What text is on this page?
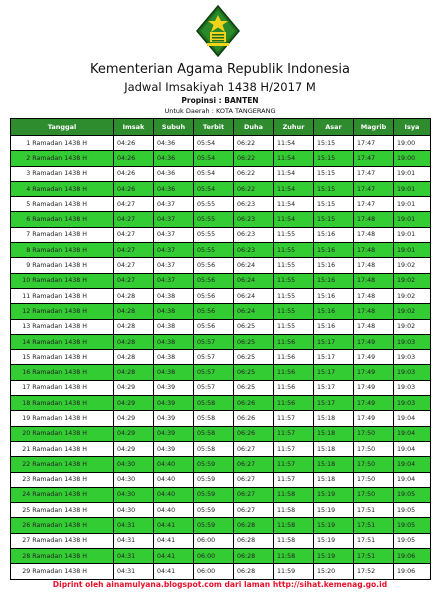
Kementerian Agama Republik Indonesia
Jadwal Imsakiyah 1438 H/2017 M
Propinsi : BANTEN
Untuk Daerah : KOTA TANGERANG
Tanggal	Imsak	Subuh	Terbit	Duha	Zuhur	Asar	Magrib	Isya
1 Ramadan 1438 H	04:26	04:36	05:54	06:22	11:54	15:15	17:47	19:00
2 Ramadan 1438 H	04:26	04:36	05:54	06:22	11:54	15:15	17:47	19:00
3 Ramadan 1438 H	04:26	04:36	05:54	06:22	11:54	15:15	17:47	19:01
4 Ramadan 1438 H	04:26	04:36	05:54	06:22	11:54	15:15	17:47	19:01
5 Ramadan 1438 H	04:27	04:37	05:55	06:23	11:54	15:15	17:47	19:01
6 Ramadan 1438 H	04:27	04:37	05:55	06:23	11:54	15:15	17:48	19:01
7 Ramadan 1438 H	04:27	04:37	05:55	06:23	11:55	15:16	17:48	19:01
8 Ramadan 1438 H	04:27	04:37	05:55	06:23	11:55	15:16	17:48	19:01
9 Ramadan 1438 H	04:27	04:37	05:56	06:24	11:55	15:16	17:48	19:02
10 Ramadan 1438 H	04:27	04:37	05:56	06:24	11:55	15:16	17:48	19:02
11 Ramadan 1438 H	04:28	04:38	05:56	06:24	11:55	15:16	17:48	19:02
12 Ramadan 1438 H	04:28	04:38	05:56	06:24	11:55	15:16	17:48	19:02
13 Ramadan 1438 H	04:28	04:38	05:56	06:25	11:55	15:16	17:48	19:02
14 Ramadan 1438 H	04:28	04:38	05:57	06:25	11:56	15:17	17:49	19:03
15 Ramadan 1438 H	04:28	04:38	05:57	06:25	11:56	15:17	17:49	19:03
16 Ramadan 1438 H	04:28	04:38	05:57	06:25	11:56	15:17	17:49	19:03
17 Ramadan 1438 H	04:29	04:39	05:57	06:25	11:56	15:17	17:49	19:03
18 Ramadan 1438 H	04:29	04:39	05:58	06:26	11:56	15:17	17:49	19:03
19 Ramadan 1438 H	04:29	04:39	05:58	06:26	11:57	15:18	17:49	19:04
20 Ramadan 1438 H	04:29	04:39	05:58	06:26	11:57	15:18	17:50	19:04
21 Ramadan 1438 H	04:29	04:39	05:58	06:27	11:57	15:18	17:50	19:04
22 Ramadan 1438 H	04:30	04:40	05:59	06:27	11:57	15:18	17:50	19:04
23 Ramadan 1438 H	04:30	04:40	05:59	06:27	11:57	15:18	17:50	19:04
24 Ramadan 1438 H	04:30	04:40	05:59	06:27	11:58	15:19	17:50	19:05
25 Ramadan 1438 H	04:30	04:40	05:59	06:27	11:58	15:19	17:51	19:05
26 Ramadan 1438 H	04:31	04:41	05:59	06:28	11:58	15:19	17:51	19:05
27 Ramadan 1438 H	04:31	04:41	06:00	06:28	11:58	15:19	17:51	19:05
28 Ramadan 1438 H	04:31	04:41	06:00	06:28	11:58	15:19	17:51	19:06
29 Ramadan 1438 H	04:31	04:41	06:00	06:28	11:59	15:20	17:52	19:06
Diprint oleh ainamulyana.blogspot.com dari laman http://sihat.kemenag.go.id
